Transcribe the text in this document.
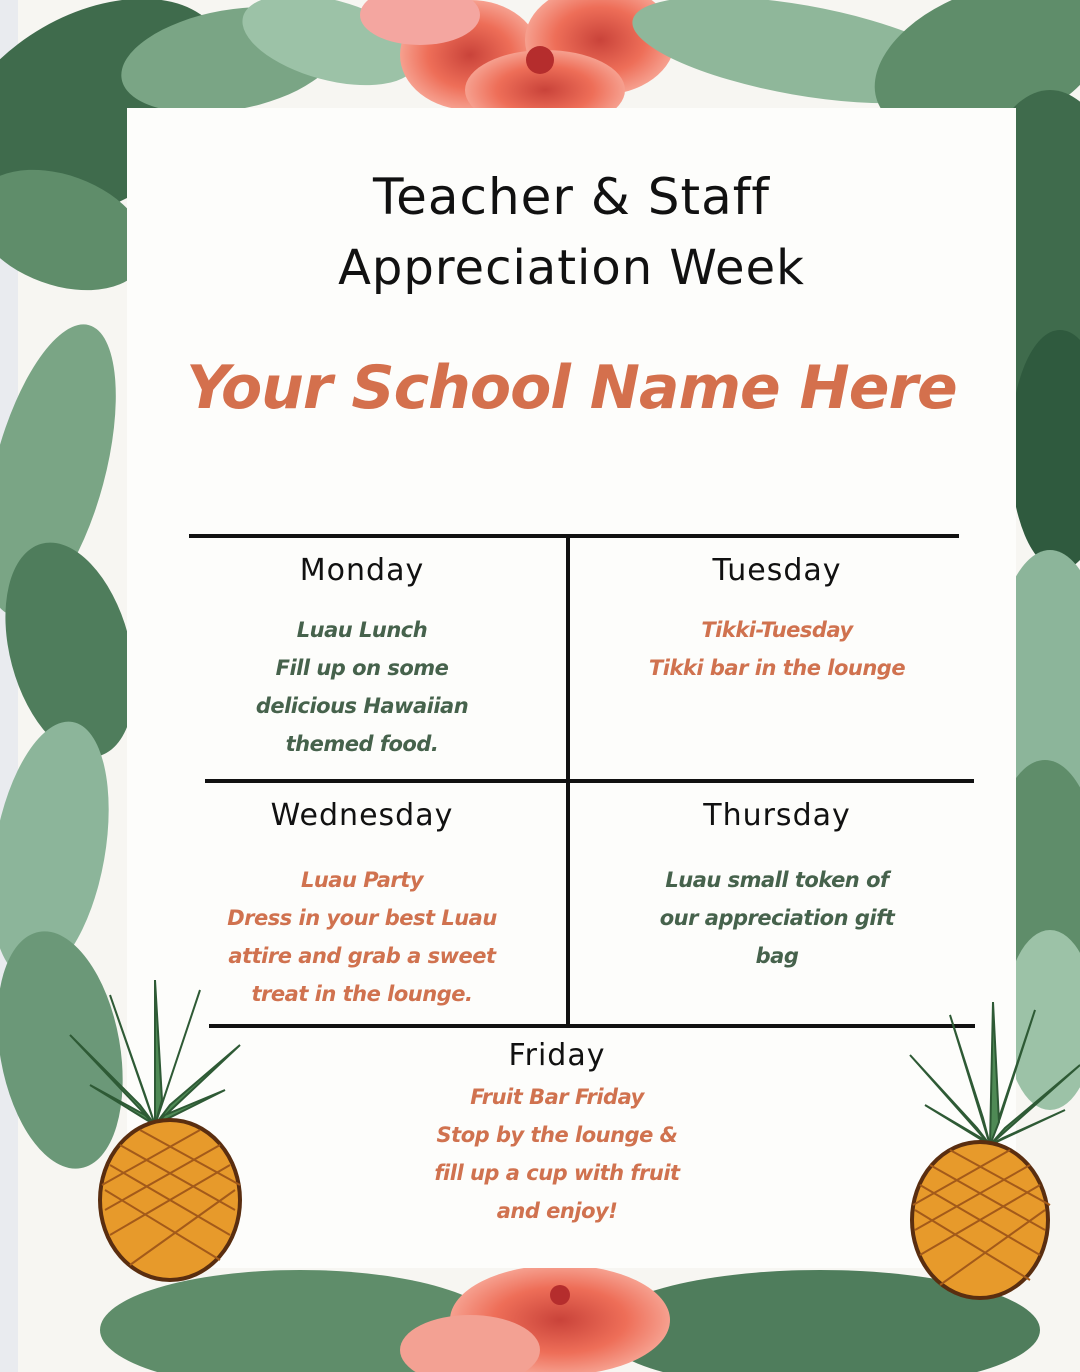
Teacher & Staff
Appreciation Week
Your School Name Here
Monday
Luau Lunch
Fill up on some
delicious Hawaiian
themed food.
Tuesday
Tikki-Tuesday
Tikki bar in the lounge
Wednesday
Luau Party
Dress in your best Luau
attire and grab a sweet
treat in the lounge.
Thursday
Luau small token of
our appreciation gift
bag
Friday
Fruit Bar Friday
Stop by the lounge &
fill up a cup with fruit
and enjoy!
